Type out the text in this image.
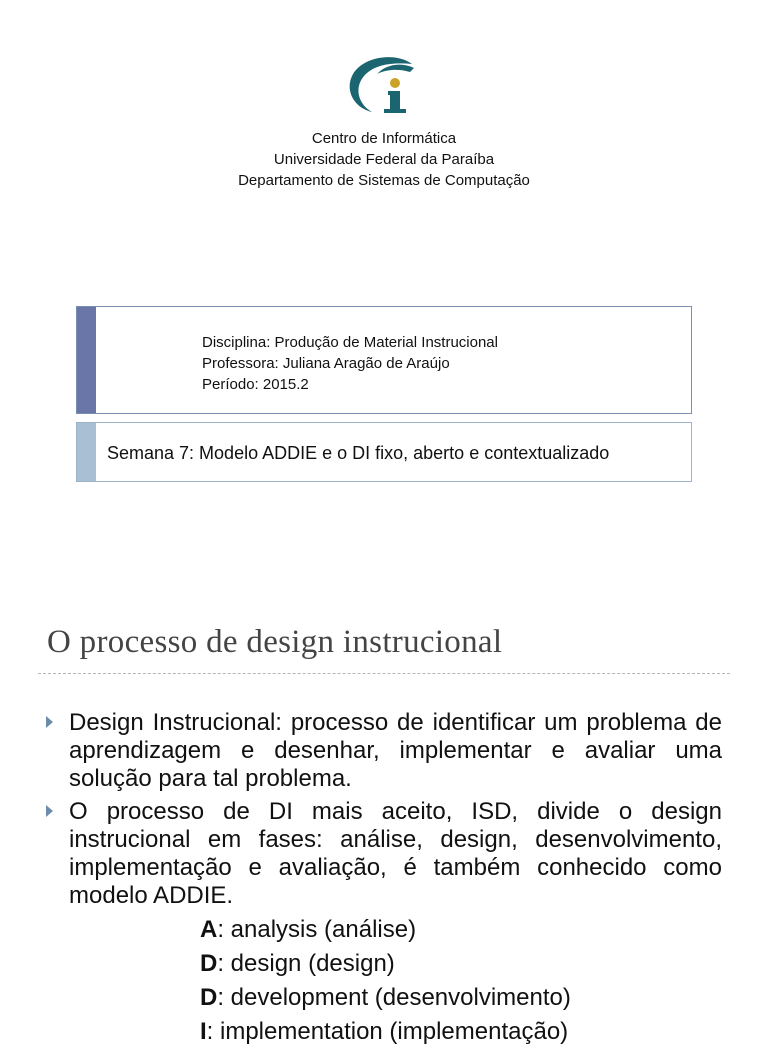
Centro de Informática
Universidade Federal da Paraíba
Departamento de Sistemas de Computação
Disciplina: Produção de Material Instrucional
Professora: Juliana Aragão de Araújo
Período: 2015.2
Semana 7: Modelo ADDIE e o DI fixo, aberto e contextualizado
O processo de design instrucional
Design Instrucional: processo de identificar um problema de aprendizagem e desenhar, implementar e avaliar uma solução para tal problema.
O processo de DI mais aceito, ISD, divide o design instrucional em fases: análise, design, desenvolvimento, implementação e avaliação, é também conhecido como modelo ADDIE.
A: analysis (análise)
D: design (design)
D: development (desenvolvimento)
I: implementation (implementação)
